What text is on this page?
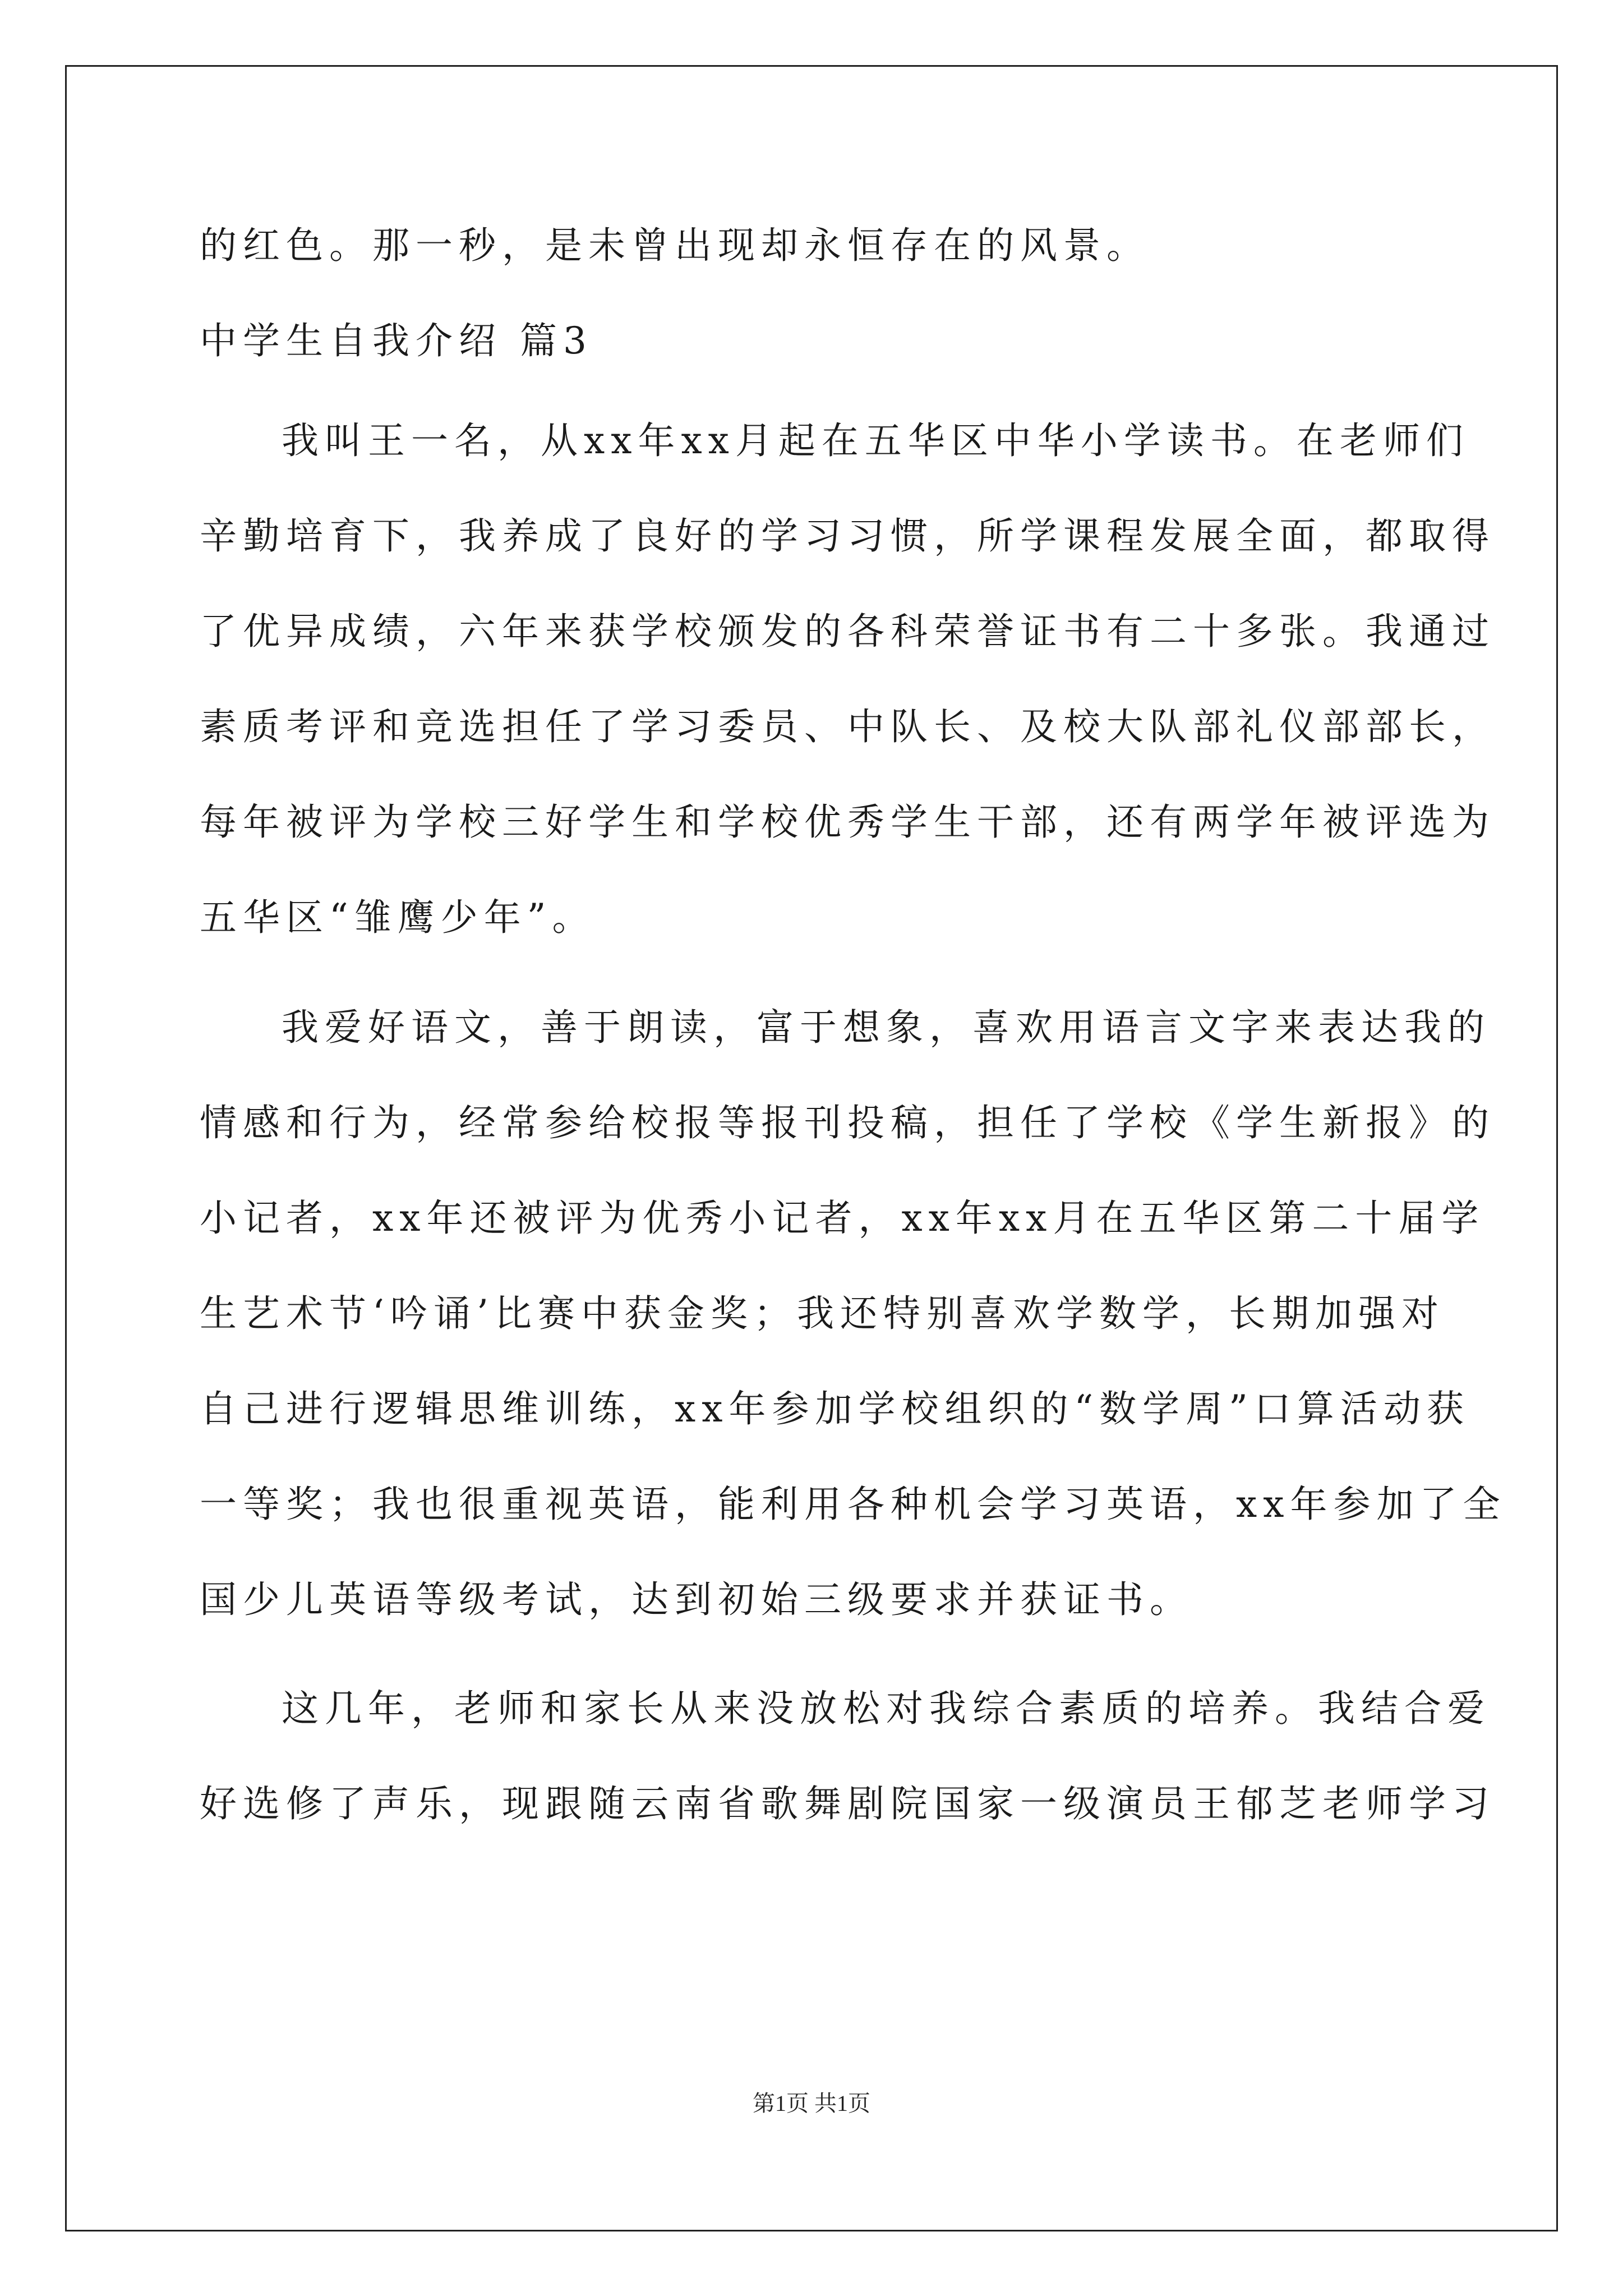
的红色。那一秒，是未曾出现却永恒存在的风景。
中学生自我介绍 篇3
我叫王一名，从xx年xx月起在五华区中华小学读书。在老师们
辛勤培育下，我养成了良好的学习习惯，所学课程发展全面，都取得
了优异成绩，六年来获学校颁发的各科荣誉证书有二十多张。我通过
素质考评和竞选担任了学习委员、中队长、及校大队部礼仪部部长，
每年被评为学校三好学生和学校优秀学生干部，还有两学年被评选为
五华区“雏鹰少年”。
我爱好语文，善于朗读，富于想象，喜欢用语言文字来表达我的
情感和行为，经常参给校报等报刊投稿，担任了学校《学生新报》的
小记者，xx年还被评为优秀小记者，xx年xx月在五华区第二十届学
生艺术节‘吟诵’比赛中获金奖；我还特别喜欢学数学，长期加强对
自己进行逻辑思维训练，xx年参加学校组织的“数学周”口算活动获
一等奖；我也很重视英语，能利用各种机会学习英语，xx年参加了全
国少儿英语等级考试，达到初始三级要求并获证书。
这几年，老师和家长从来没放松对我综合素质的培养。我结合爱
好选修了声乐，现跟随云南省歌舞剧院国家一级演员王郁芝老师学习
第1页 共1页
